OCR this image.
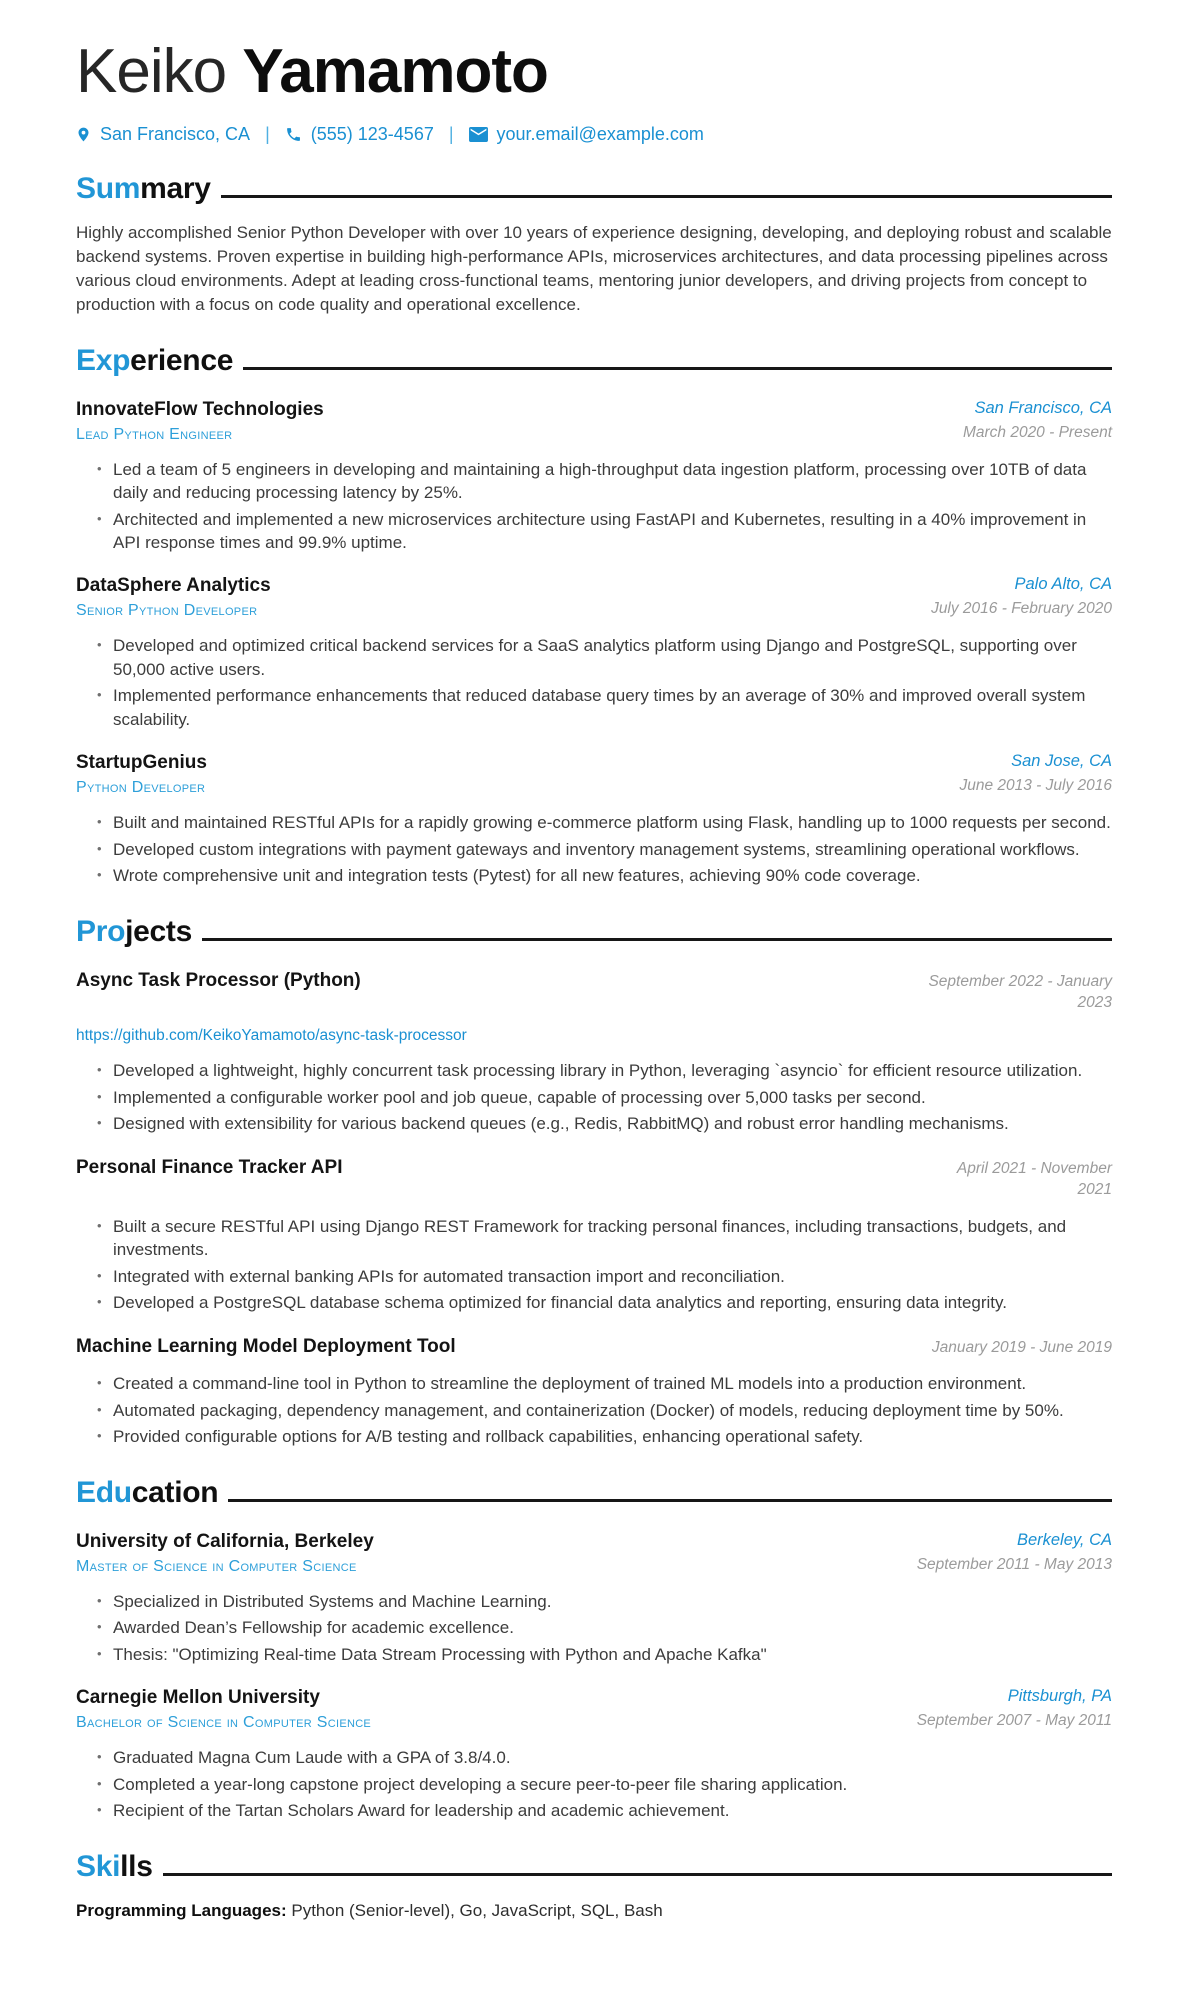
Keiko Yamamoto
San Francisco, CA | (555) 123-4567 | your.email@example.com
Sum mary

Highly accomplished Senior Python Developer with over 10 years of experience designing, developing, and deploying robust and scalable backend systems. Proven expertise in building high-performance APIs, microservices architectures, and data processing pipelines across various cloud environments. Adept at leading cross-functional teams, mentoring junior developers, and driving projects from concept to production with a focus on code quality and operational excellence.

Exp erience
InnovateFlow Technologies
Lead Python Engineer
San Francisco, CA
March 2020 - Present
• Led a team of 5 engineers in developing and maintaining a high-throughput data ingestion platform, processing over 10TB of data daily and reducing processing latency by 25%.
• Architected and implemented a new microservices architecture using FastAPI and Kubernetes, resulting in a 40% improvement in API response times and 99.9% uptime.
DataSphere Analytics
Senior Python Developer
Palo Alto, CA
July 2016 - February 2020
• Developed and optimized critical backend services for a SaaS analytics platform using Django and PostgreSQL, supporting over 50,000 active users.
• Implemented performance enhancements that reduced database query times by an average of 30% and improved overall system scalability.
StartupGenius
Python Developer
San Jose, CA
June 2013 - July 2016
• Built and maintained RESTful APIs for a rapidly growing e-commerce platform using Flask, handling up to 1000 requests per second.
• Developed custom integrations with payment gateways and inventory management systems, streamlining operational workflows.
• Wrote comprehensive unit and integration tests (Pytest) for all new features, achieving 90% code coverage.
Pro jects
Async Task Processor (Python)	September 2022 - January 2023
https://github.com/KeikoYamamoto/async-task-processor
• Developed a lightweight, highly concurrent task processing library in Python, leveraging `asyncio` for efficient resource utilization.
• Implemented a configurable worker pool and job queue, capable of processing over 5,000 tasks per second.
• Designed with extensibility for various backend queues (e.g., Redis, RabbitMQ) and robust error handling mechanisms.
Personal Finance Tracker API	April 2021 - November 2021
• Built a secure RESTful API using Django REST Framework for tracking personal finances, including transactions, budgets, and investments.
• Integrated with external banking APIs for automated transaction import and reconciliation.
• Developed a PostgreSQL database schema optimized for financial data analytics and reporting, ensuring data integrity.
Machine Learning Model Deployment Tool	January 2019 - June 2019
• Created a command-line tool in Python to streamline the deployment of trained ML models into a production environment.
• Automated packaging, dependency management, and containerization (Docker) of models, reducing deployment time by 50%.
• Provided configurable options for A/B testing and rollback capabilities, enhancing operational safety.
Edu cation
University of California, Berkeley
Master of Science in Computer Science
Berkeley, CA
September 2011 - May 2013
• Specialized in Distributed Systems and Machine Learning.
• Awarded Dean’s Fellowship for academic excellence.
• Thesis: "Optimizing Real-time Data Stream Processing with Python and Apache Kafka"
Carnegie Mellon University
Bachelor of Science in Computer Science
Pittsburgh, PA
September 2007 - May 2011
• Graduated Magna Cum Laude with a GPA of 3.8/4.0.
• Completed a year-long capstone project developing a secure peer-to-peer file sharing application.
• Recipient of the Tartan Scholars Award for leadership and academic achievement.
Ski lls

Programming Languages: Python (Senior-level), Go, JavaScript, SQL, Bash
